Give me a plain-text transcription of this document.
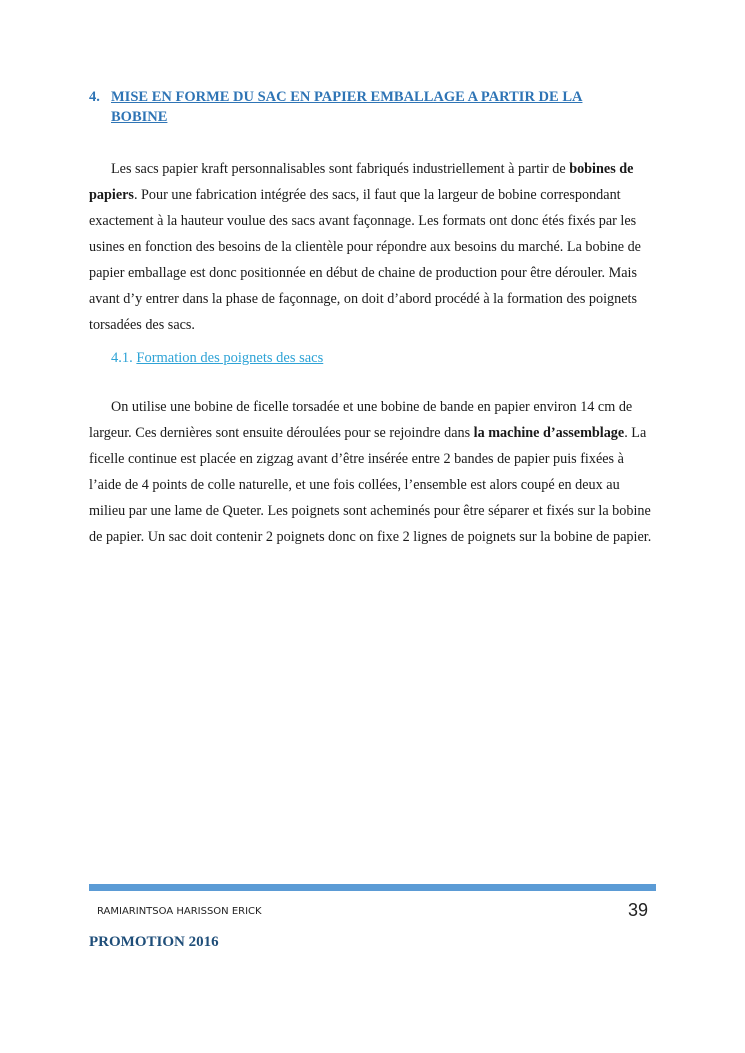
4. MISE EN FORME DU SAC EN PAPIER EMBALLAGE A PARTIR DE LA BOBINE

Les sacs papier kraft personnalisables sont fabriqués industriellement à partir de bobines de papiers. Pour une fabrication intégrée des sacs, il faut que la largeur de bobine correspondant exactement à la hauteur voulue des sacs avant façonnage. Les formats ont donc étés fixés par les usines en fonction des besoins de la clientèle pour répondre aux besoins du marché. La bobine de papier emballage est donc positionnée en début de chaine de production pour être dérouler. Mais avant d’y entrer dans la phase de façonnage, on doit d’abord procédé à la formation des poignets torsadées des sacs.

4.1. Formation des poignets des sacs

On utilise une bobine de ficelle torsadée et une bobine de bande en papier environ 14 cm de largeur. Ces dernières sont ensuite déroulées pour se rejoindre dans la machine d’assemblage. La ficelle continue est placée en zigzag avant d’être insérée entre 2 bandes de papier puis fixées à l’aide de 4 points de colle naturelle, et une fois collées, l’ensemble est alors coupé en deux au milieu par une lame de Queter. Les poignets sont acheminés pour être séparer et fixés sur la bobine de papier. Un sac doit contenir 2 poignets donc on fixe 2 lignes de poignets sur la bobine de papier.

RAMIARINTSOA HARISSON ERICK	39
PROMOTION 2016
